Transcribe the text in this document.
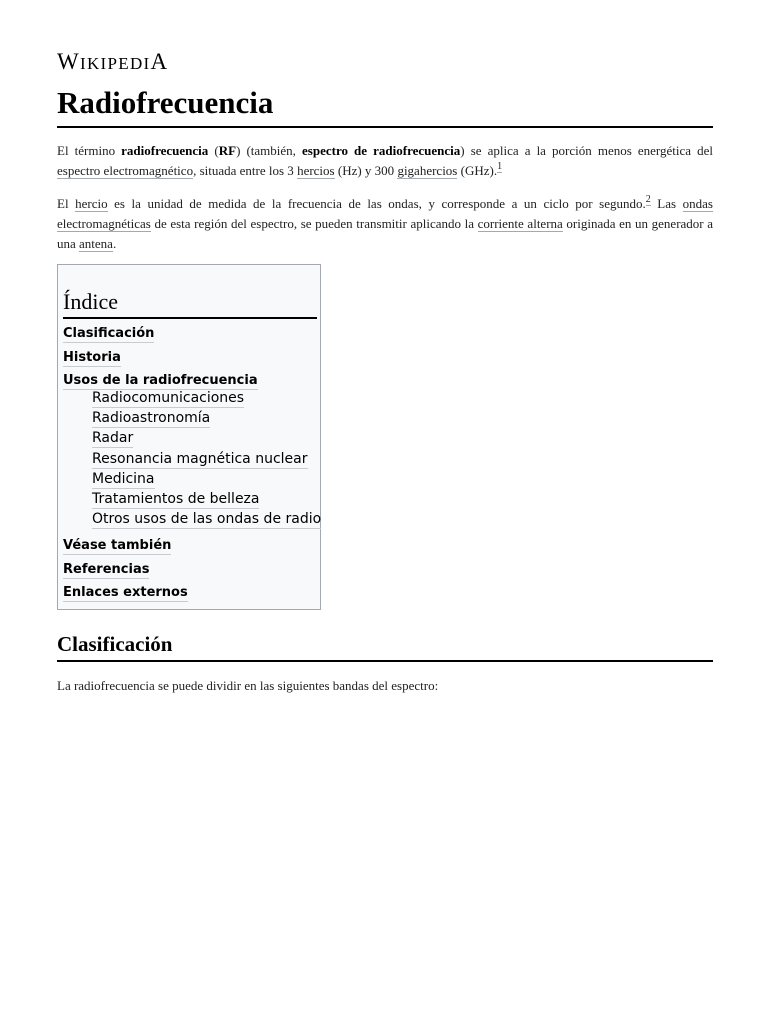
WIKIPEDIA
Radiofrecuencia

El término radiofrecuencia (RF) (también, espectro de radiofrecuencia) se aplica a la porción menos energética del espectro electromagnético, situada entre los 3 hercios (Hz) y 300 gigahercios (GHz).$^1$

El hercio es la unidad de medida de la frecuencia de las ondas, y corresponde a un ciclo por segundo.$^2$ Las ondas electromagnéticas de esta región del espectro, se pueden transmitir aplicando la corriente alterna originada en un generador a una antena.

Índice
Clasificación
Historia
Usos de la radiofrecuencia
Radiocomunicaciones
Radioastronomía
Radar
Resonancia magnética nuclear
Medicina
Tratamientos de belleza
Otros usos de las ondas de radio
Véase también
Referencias
Enlaces externos
Clasificación

La radiofrecuencia se puede dividir en las siguientes bandas del espectro:
